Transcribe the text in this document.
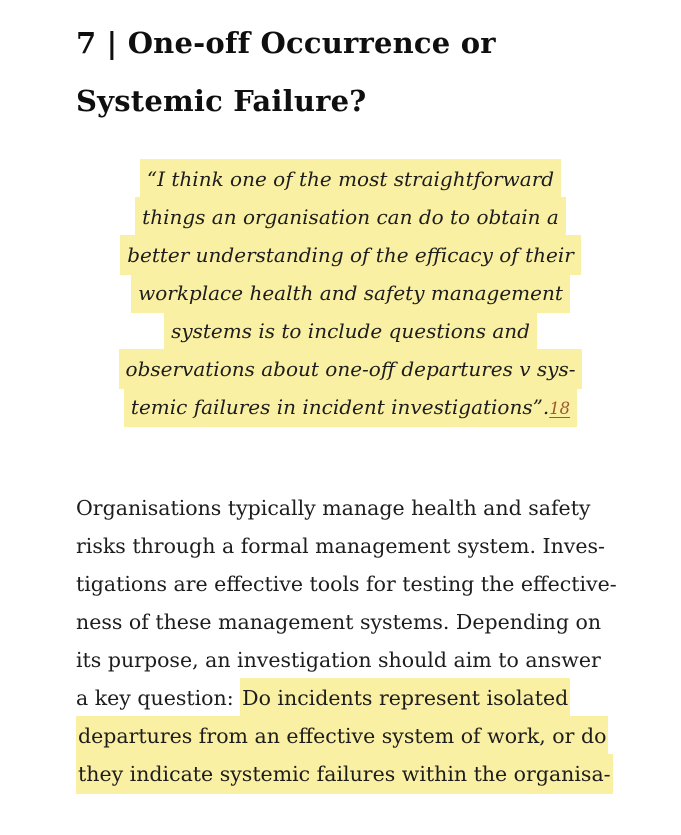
7 | One-off Occurrence or
Systemic Failure?
“I think one of the most straightforward
things an organisation can do to obtain a
better understanding of the efficacy of their
workplace health and safety management
systems is to include questions and
observations about one-off departures v sys-
temic failures in incident investigations”.18
Organisations typically manage health and safety
risks through a formal management system. Inves-
tigations are effective tools for testing the effective-
ness of these management systems. Depending on
its purpose, an investigation should aim to answer
a key question: Do incidents represent isolated
departures from an effective system of work, or do
they indicate systemic failures within the organisa-
